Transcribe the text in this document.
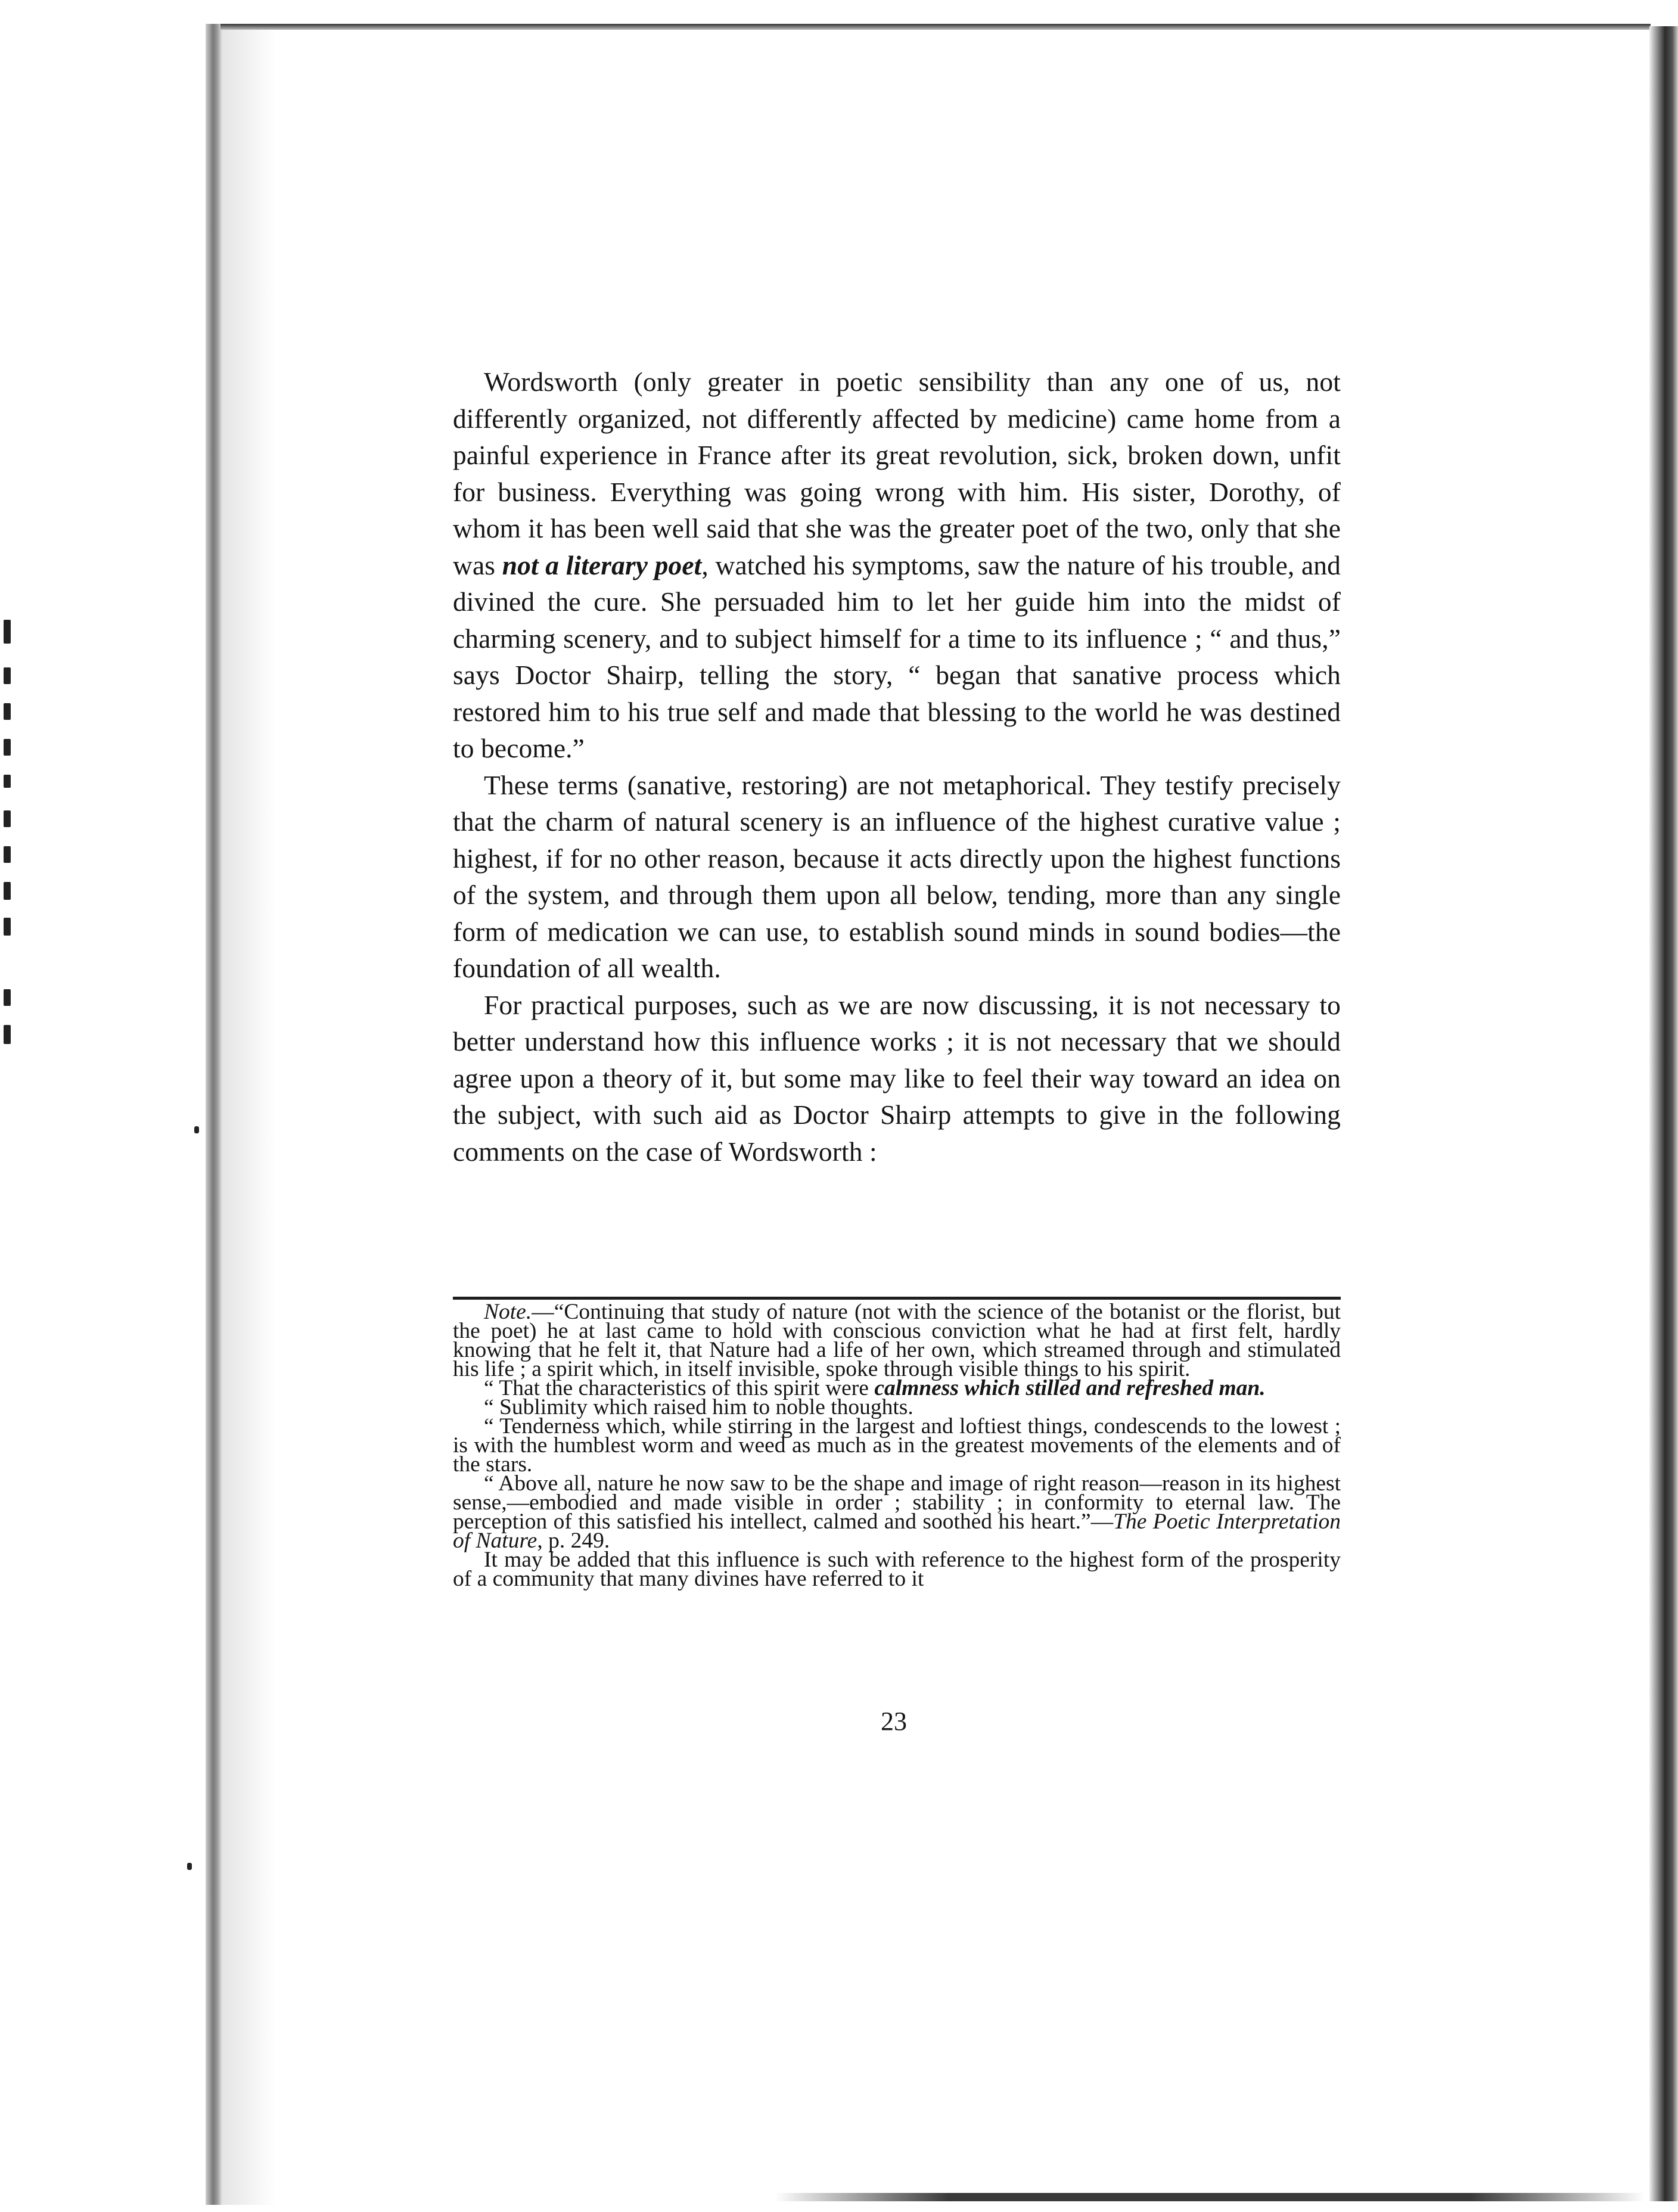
Wordsworth (only greater in poetic sensibility than any one of us, not differently organized, not differently affected by medicine) came home from a painful experience in France after its great revolution, sick, broken down, unfit for business. Everything was going wrong with him. His sister, Dorothy, of whom it has been well said that she was the greater poet of the two, only that she was not a literary poet, watched his symptoms, saw the nature of his trouble, and divined the cure. She persuaded him to let her guide him into the midst of charming scenery, and to subject himself for a time to its influence ; “ and thus,” says Doctor Shairp, telling the story, “ began that sanative process which restored him to his true self and made that blessing to the world he was destined to become.”

These terms (sanative, restoring) are not metaphorical. They testify precisely that the charm of natural scenery is an influence of the highest curative value ; highest, if for no other reason, because it acts directly upon the highest functions of the system, and through them upon all below, tending, more than any single form of medication we can use, to establish sound minds in sound bodies—the foundation of all wealth.

For practical purposes, such as we are now discussing, it is not necessary to better understand how this influence works ; it is not necessary that we should agree upon a theory of it, but some may like to feel their way toward an idea on the subject, with such aid as Doctor Shairp attempts to give in the following comments on the case of Wordsworth :

Note.—“Continuing that study of nature (not with the science of the botanist or the florist, but the poet) he at last came to hold with conscious conviction what he had at first felt, hardly knowing that he felt it, that Nature had a life of her own, which streamed through and stimulated his life ; a spirit which, in itself invisible, spoke through visible things to his spirit.

“ That the characteristics of this spirit were calmness which stilled and refreshed man.

“ Sublimity which raised him to noble thoughts.

“ Tenderness which, while stirring in the largest and loftiest things, condescends to the lowest ; is with the humblest worm and weed as much as in the greatest movements of the elements and of the stars.

“ Above all, nature he now saw to be the shape and image of right reason—reason in its highest sense,—embodied and made visible in order ; stability ; in conformity to eternal law. The perception of this satisfied his intellect, calmed and soothed his heart.”—The Poetic Interpretation of Nature, p. 249.

It may be added that this influence is such with reference to the highest form of the prosperity of a community that many divines have referred to it

23
